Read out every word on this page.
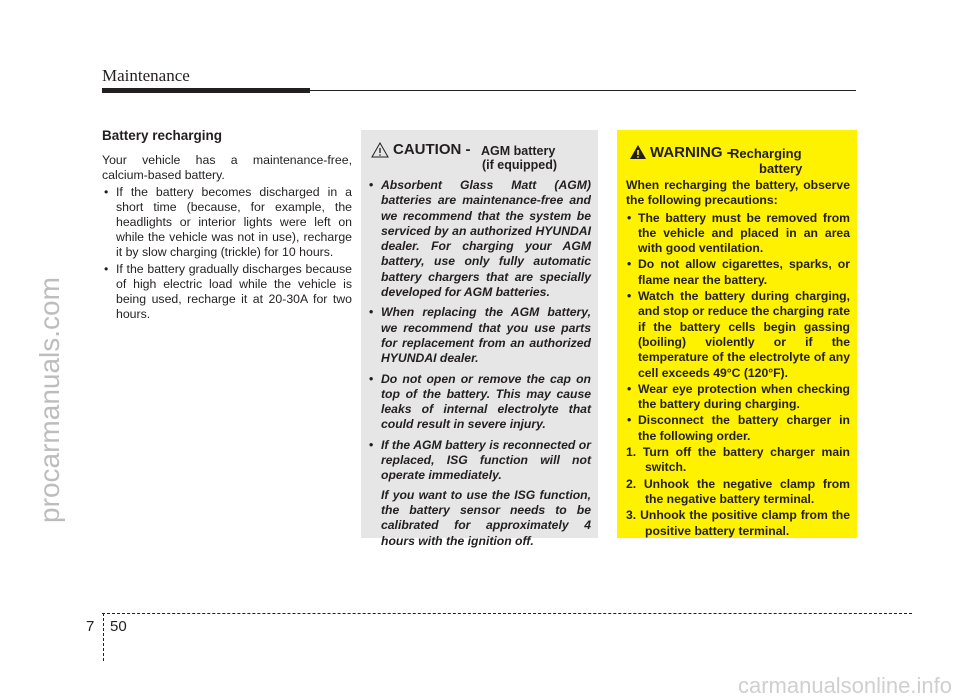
Maintenance
procarmanuals.com
Battery recharging

Your vehicle has a maintenance-free, calcium-based battery.

• If the battery becomes discharged in a short time (because, for example, the headlights or interior lights were left on while the vehicle was not in use), recharge it by slow charging (trickle) for 10 hours.
• If the battery gradually discharges because of high electric load while the vehicle is being used, recharge it at 20-30A for two hours.
CAUTION - AGM battery
(if equipped)
• Absorbent Glass Matt (AGM) batteries are maintenance-free and we recommend that the system be serviced by an authorized HYUNDAI dealer. For charging your AGM battery, use only fully automatic battery chargers that are specially developed for AGM batteries.
• When replacing the AGM battery, we recommend that you use parts for replacement from an authorized HYUNDAI dealer.
• Do not open or remove the cap on top of the battery. This may cause leaks of internal electrolyte that could result in severe injury.
• If the AGM battery is reconnected or replaced, ISG function will not operate immediately.
If you want to use the ISG function, the battery sensor needs to be calibrated for approximately 4 hours with the ignition off.
WARNING -
Recharging
battery

When recharging the battery, observe the following precautions:

• The battery must be removed from the vehicle and placed in an area with good ventilation.
• Do not allow cigarettes, sparks, or flame near the battery.
• Watch the battery during charging, and stop or reduce the charging rate if the battery cells begin gassing (boiling) violently or if the temperature of the electrolyte of any cell exceeds 49°C (120°F).
• Wear eye protection when checking the battery during charging.
• Disconnect the battery charger in the following order.
1. Turn off the battery charger main switch.
2. Unhook the negative clamp from the negative battery terminal.
3. Unhook the positive clamp from the positive battery terminal.
7 50
carmanualsonline.info
